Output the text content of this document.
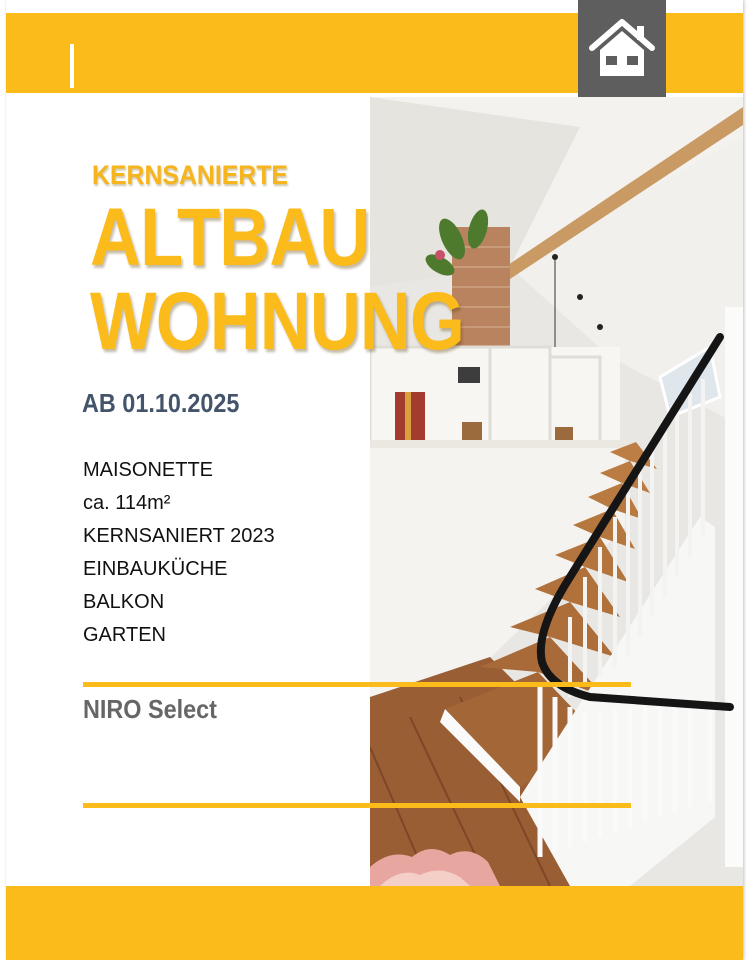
KERNSANIERTE
ALTBAU
WOHNUNG
AB 01.10.2025
MAISONETTE
ca. 114m²
KERNSANIERT 2023
EINBAUKÜCHE
BALKON
GARTEN
NIRO Select
